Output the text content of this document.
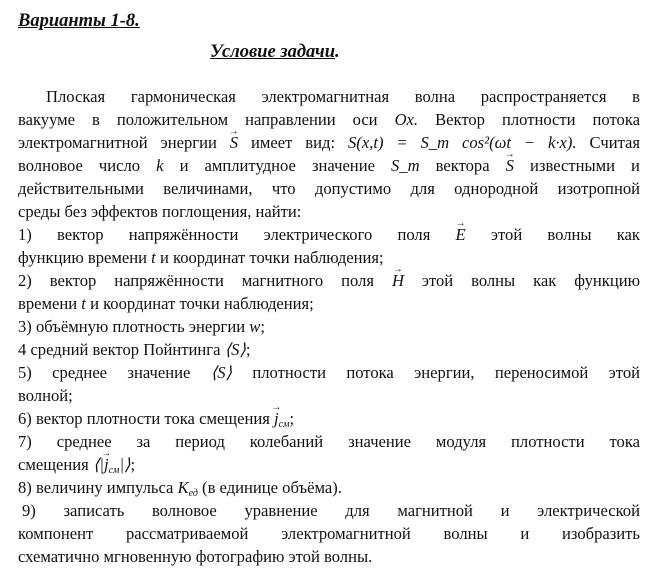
Варианты 1-8.
Условие задачи.
Плоская гармоническая электромагнитная волна распространяется в
вакууме в положительном направлении оси Ox. Вектор плотности потока
электромагнитной энергии → S имеет вид: S(x,t) = S_m cos²(ωt − k·x). Считая
волновое число k и амплитудное значение S_m вектора → S известными и
действительными величинами, что допустимо для однородной изотропной
среды без эффектов поглощения, найти:
1) вектор напряжённости электрического поля → E этой волны как
функцию времени t и координат точки наблюдения;
2) вектор напряжённости магнитного поля → H этой волны как функцию
времени t и координат точки наблюдения;
3) объёмную плотность энергии w;
4 средний вектор Пойнтинга ⟨S⟩;
5) среднее значение ⟨S⟩ плотности потока энергии, переносимой этой
волной;
6) вектор плотности тока смещения → $j_{см}$;
7) среднее за период колебаний значение модуля плотности тока
смещения ⟨|→ $j_{см}|⟩$;
8) величину импульса $K_{ед}$ (в единице объёма).
9) записать волновое уравнение для магнитной и электрической
компонент рассматриваемой электромагнитной волны и изобразить
схематично мгновенную фотографию этой волны.
